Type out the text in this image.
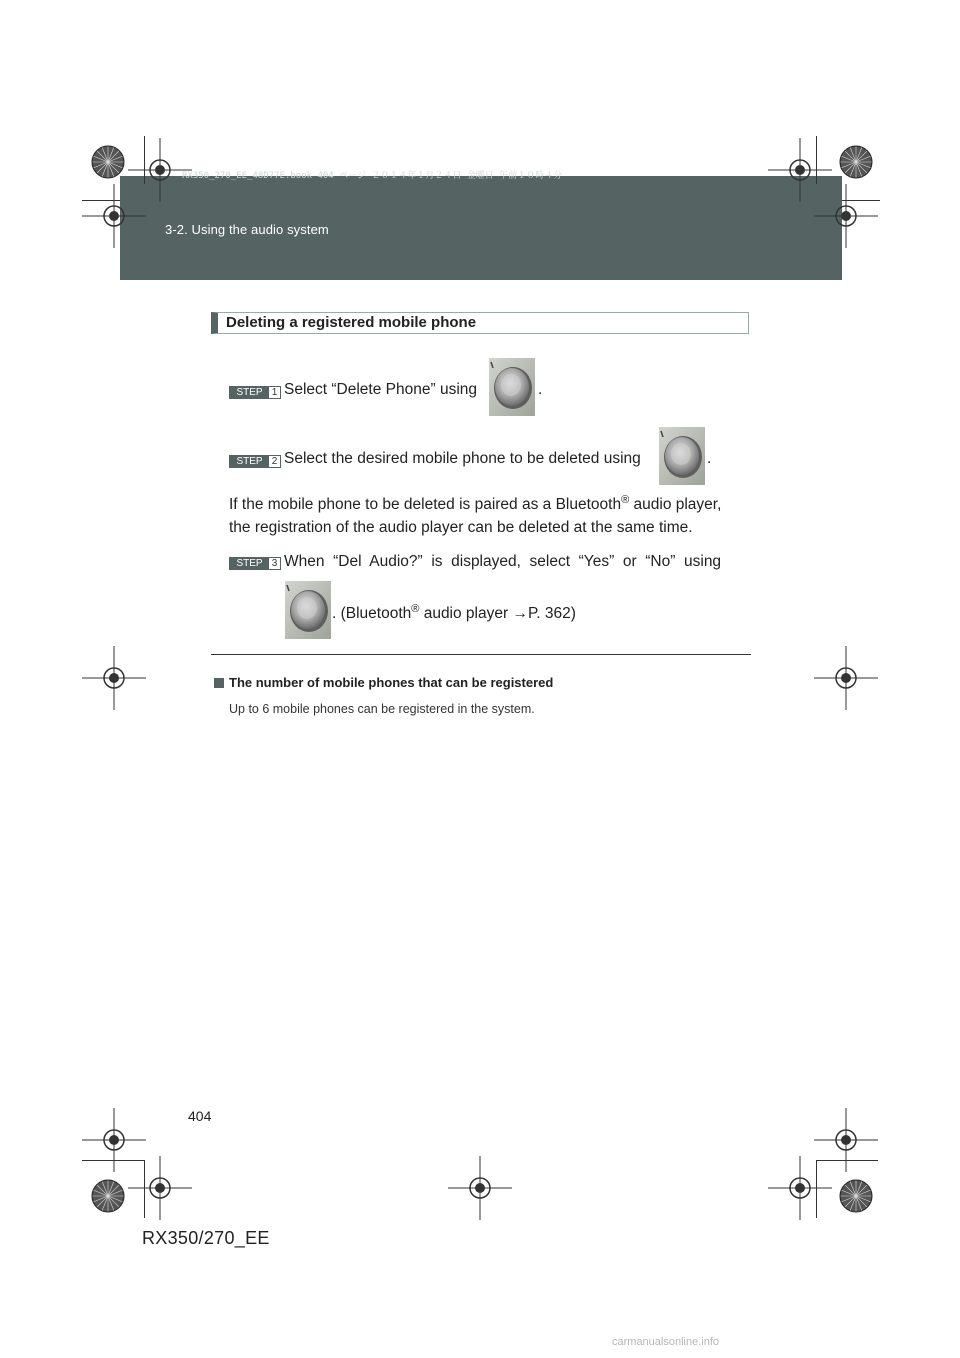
RX350_270_EE_48D77E.book 404 ページ ２０１４年１月２４日 金曜日 午前１０時４分
3-2. Using the audio system
Deleting a registered mobile phone
STEP 1 Select “Delete Phone” using	.
STEP 2 Select the desired mobile phone to be deleted using	.
If the mobile phone to be deleted is paired as a Bluetooth® audio player,
the registration of the audio player can be deleted at the same time.
STEP 3 When  “Del  Audio?”  is  displayed,  select  “Yes”  or  “No”  using
. (Bluetooth® audio player →P. 362)
The number of mobile phones that can be registered
Up to 6 mobile phones can be registered in the system.
404
RX350/270_EE
carmanualsonline.info
